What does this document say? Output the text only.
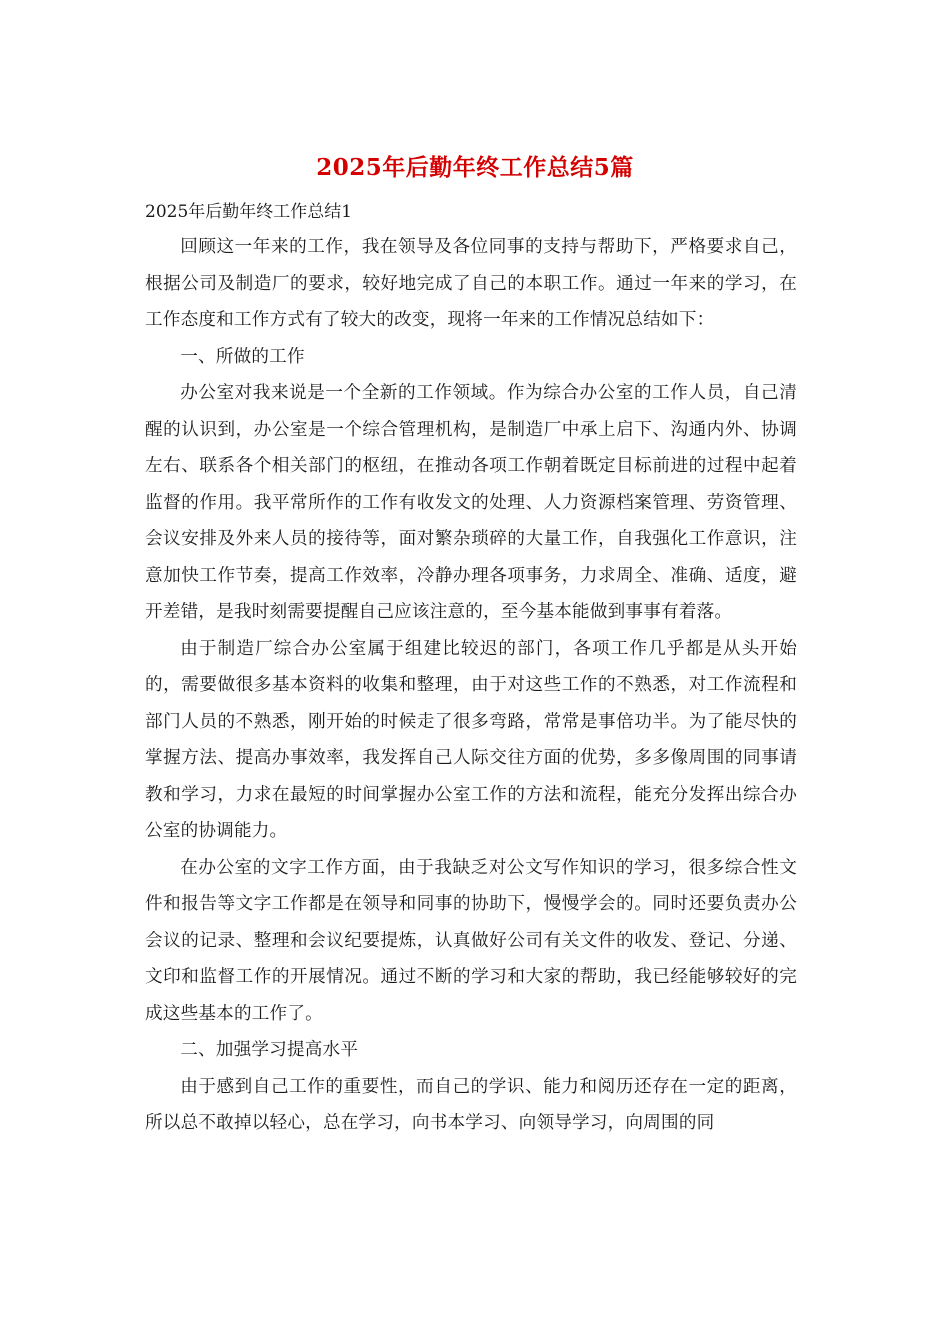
2025年后勤年终工作总结5篇
2025年后勤年终工作总结1

回顾这一年来的工作，我在领导及各位同事的支持与帮助下，严格要求自己，根据公司及制造厂的要求，较好地完成了自己的本职工作。通过一年来的学习，在工作态度和工作方式有了较大的改变，现将一年来的工作情况总结如下：

一、所做的工作

办公室对我来说是一个全新的工作领域。作为综合办公室的工作人员，自己清醒的认识到，办公室是一个综合管理机构，是制造厂中承上启下、沟通内外、协调左右、联系各个相关部门的枢纽，在推动各项工作朝着既定目标前进的过程中起着监督的作用。我平常所作的工作有收发文的处理、人力资源档案管理、劳资管理、会议安排及外来人员的接待等，面对繁杂琐碎的大量工作，自我强化工作意识，注意加快工作节奏，提高工作效率，冷静办理各项事务，力求周全、准确、适度，避开差错，是我时刻需要提醒自己应该注意的，至今基本能做到事事有着落。

由于制造厂综合办公室属于组建比较迟的部门，各项工作几乎都是从头开始的，需要做很多基本资料的收集和整理，由于对这些工作的不熟悉，对工作流程和部门人员的不熟悉，刚开始的时候走了很多弯路，常常是事倍功半。为了能尽快的掌握方法、提高办事效率，我发挥自己人际交往方面的优势，多多像周围的同事请教和学习，力求在最短的时间掌握办公室工作的方法和流程，能充分发挥出综合办公室的协调能力。

在办公室的文字工作方面，由于我缺乏对公文写作知识的学习，很多综合性文件和报告等文字工作都是在领导和同事的协助下，慢慢学会的。同时还要负责办公会议的记录、整理和会议纪要提炼，认真做好公司有关文件的收发、登记、分递、文印和监督工作的开展情况。通过不断的学习和大家的帮助，我已经能够较好的完成这些基本的工作了。

二、加强学习提高水平

由于感到自己工作的重要性，而自己的学识、能力和阅历还存在一定的距离，所以总不敢掉以轻心，总在学习，向书本学习、向领导学习，向周围的同
